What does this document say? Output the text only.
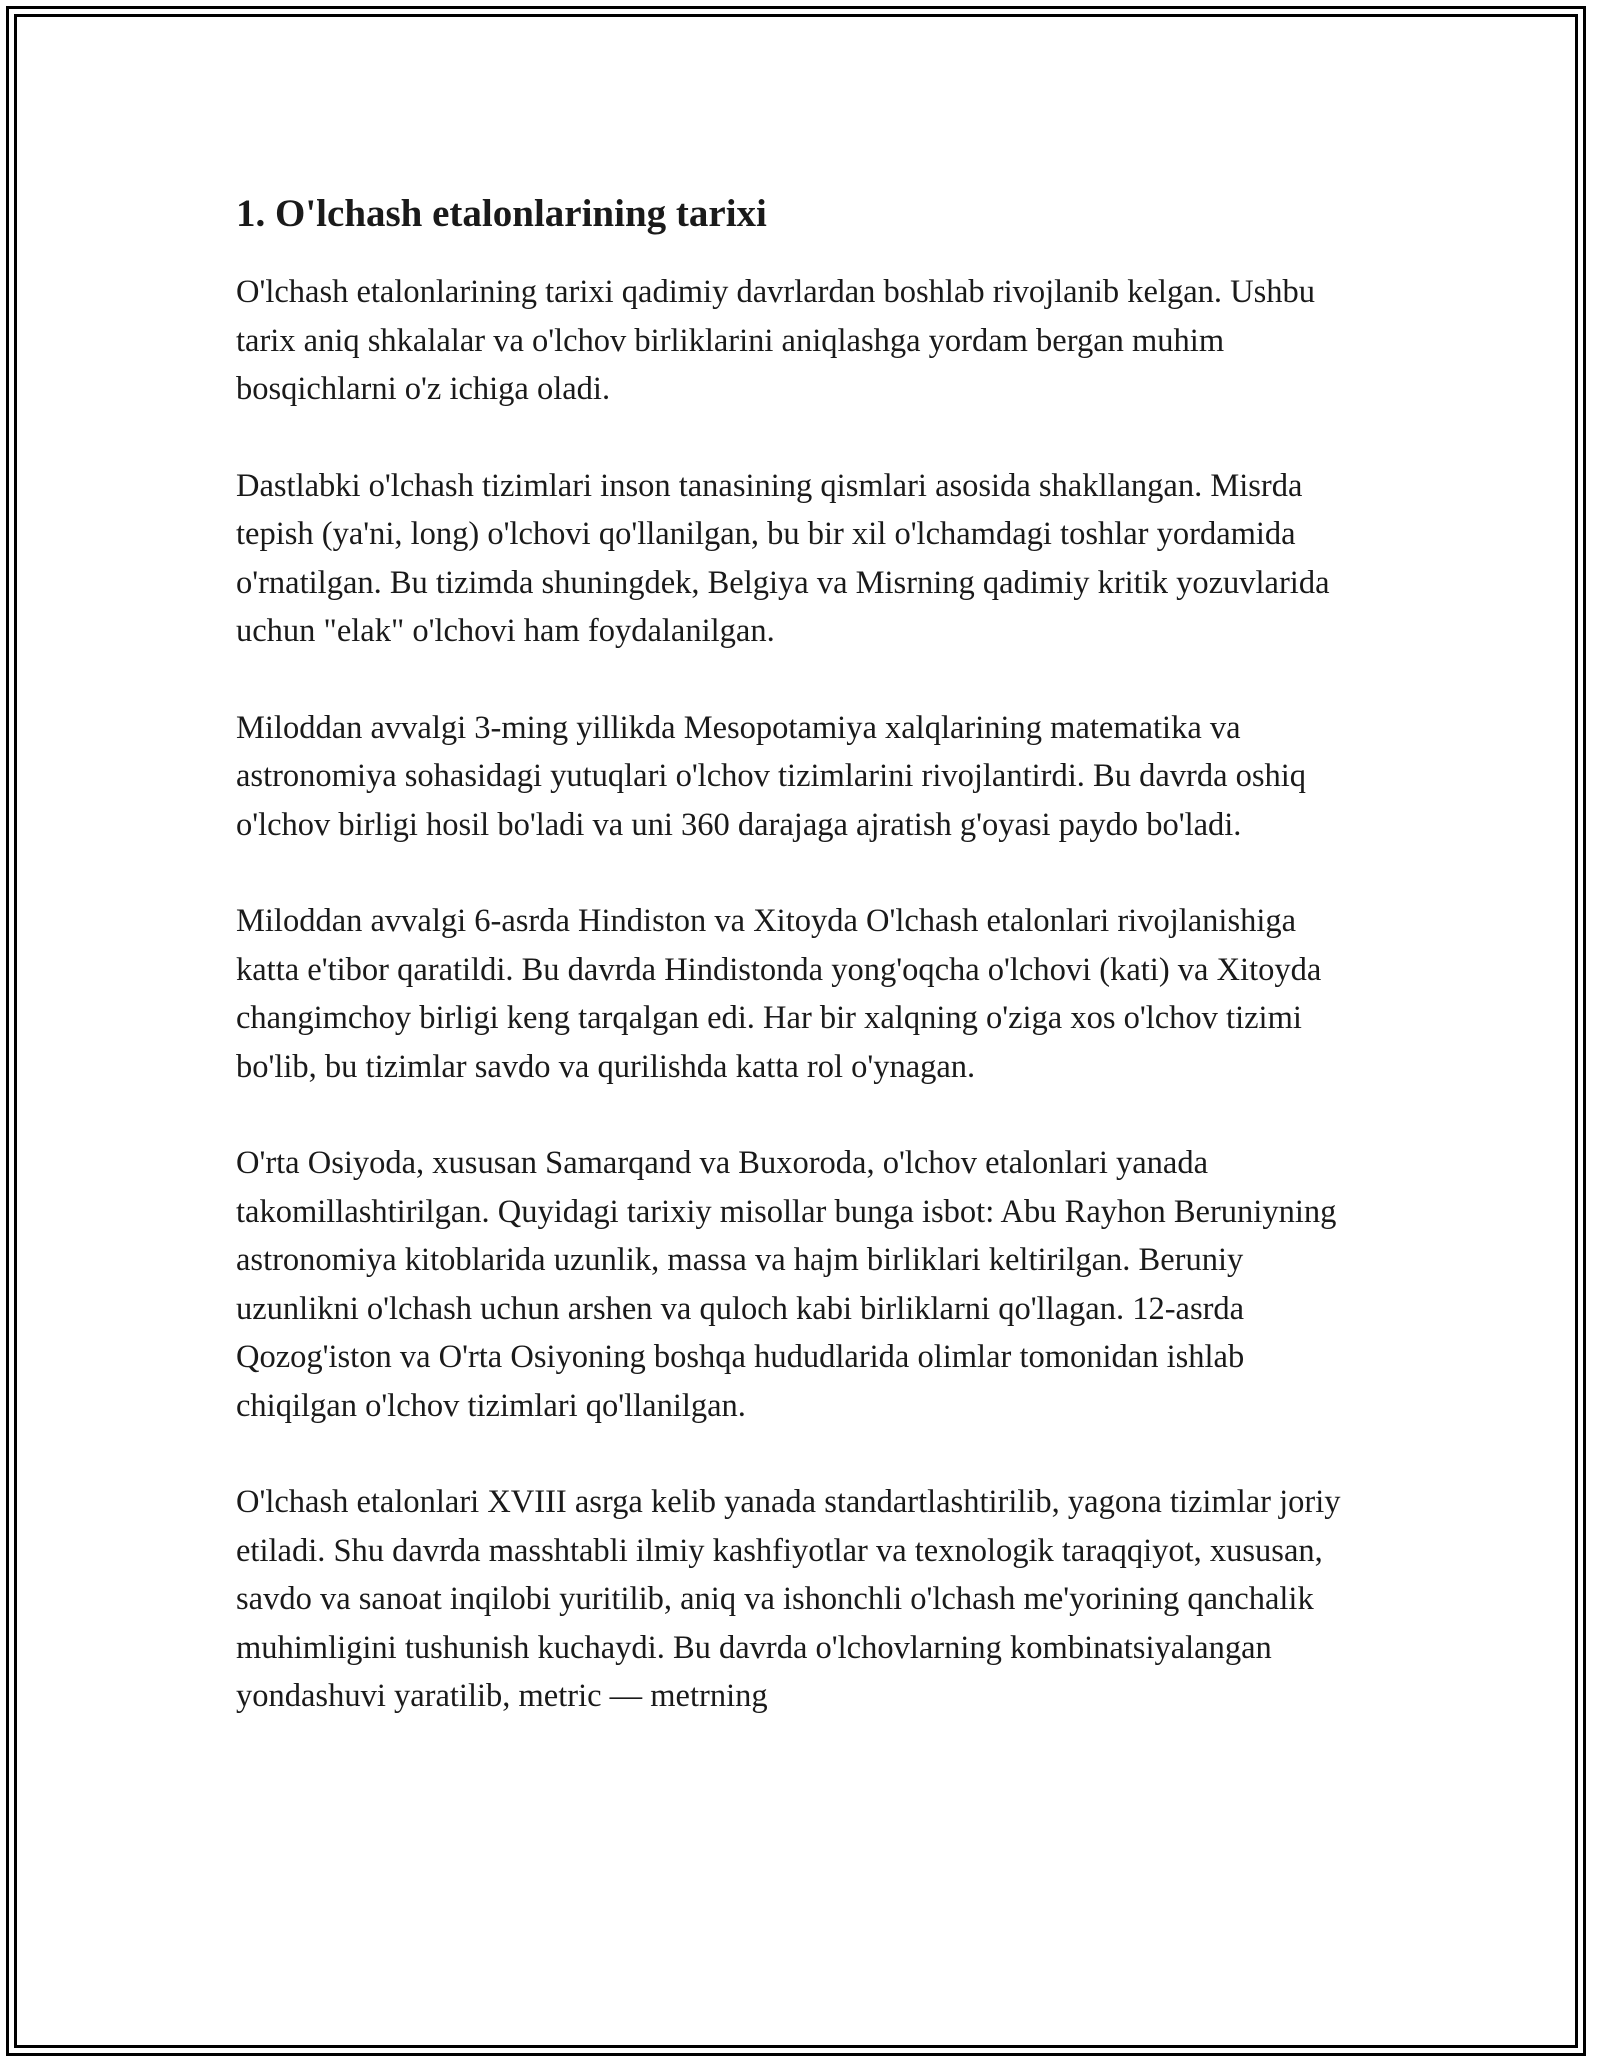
1. O'lchash etalonlarining tarixi

O'lchash etalonlarining tarixi qadimiy davrlardan boshlab rivojlanib kelgan. Ushbu tarix aniq shkalalar va o'lchov birliklarini aniqlashga yordam bergan muhim bosqichlarni o'z ichiga oladi.

Dastlabki o'lchash tizimlari inson tanasining qismlari asosida shakllangan. Misrda tepish (ya'ni, long) o'lchovi qo'llanilgan, bu bir xil o'lchamdagi toshlar yordamida o'rnatilgan. Bu tizimda shuningdek, Belgiya va Misrning qadimiy kritik yozuvlarida uchun "elak" o'lchovi ham foydalanilgan.

Miloddan avvalgi 3-ming yillikda Mesopotamiya xalqlarining matematika va astronomiya sohasidagi yutuqlari o'lchov tizimlarini rivojlantirdi. Bu davrda oshiq o'lchov birligi hosil bo'ladi va uni 360 darajaga ajratish g'oyasi paydo bo'ladi.

Miloddan avvalgi 6-asrda Hindiston va Xitoyda O'lchash etalonlari rivojlanishiga katta e'tibor qaratildi. Bu davrda Hindistonda yong'oqcha o'lchovi (kati) va Xitoyda changimchoy birligi keng tarqalgan edi. Har bir xalqning o'ziga xos o'lchov tizimi bo'lib, bu tizimlar savdo va qurilishda katta rol o'ynagan.

O'rta Osiyoda, xususan Samarqand va Buxoroda, o'lchov etalonlari yanada takomillashtirilgan. Quyidagi tarixiy misollar bunga isbot: Abu Rayhon Beruniyning astronomiya kitoblarida uzunlik, massa va hajm birliklari keltirilgan. Beruniy uzunlikni o'lchash uchun arshen va quloch kabi birliklarni qo'llagan. 12-asrda Qozog'iston va O'rta Osiyoning boshqa hududlarida olimlar tomonidan ishlab chiqilgan o'lchov tizimlari qo'llanilgan.

O'lchash etalonlari XVIII asrga kelib yanada standartlashtirilib, yagona tizimlar joriy etiladi. Shu davrda masshtabli ilmiy kashfiyotlar va texnologik taraqqiyot, xususan, savdo va sanoat inqilobi yuritilib, aniq va ishonchli o'lchash me'yorining qanchalik muhimligini tushunish kuchaydi. Bu davrda o'lchovlarning kombinatsiyalangan yondashuvi yaratilib, metric — metrning
